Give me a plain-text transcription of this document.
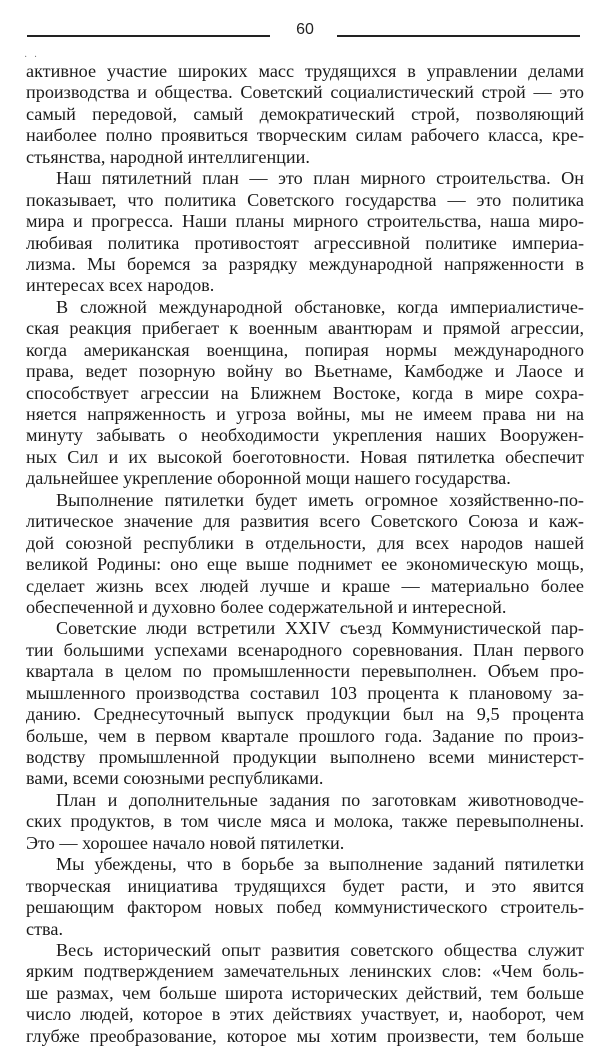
60
· ·
активное участие широких масс трудящихся в управлении делами
производства и общества. Советский социалистический строй — это
самый передовой, самый демократический строй, позволяющий
наиболее полно проявиться творческим силам рабочего класса, кре-
стьянства, народной интеллигенции.
Наш пятилетний план — это план мирного строительства. Он
показывает, что политика Советского государства — это политика
мира и прогресса. Наши планы мирного строительства, наша миро-
любивая политика противостоят агрессивной политике империа-
лизма. Мы боремся за разрядку международной напряженности в
интересах всех народов.
В сложной международной обстановке, когда империалистиче-
ская реакция прибегает к военным авантюрам и прямой агрессии,
когда американская военщина, попирая нормы международного
права, ведет позорную войну во Вьетнаме, Камбодже и Лаосе и
способствует агрессии на Ближнем Востоке, когда в мире сохра-
няется напряженность и угроза войны, мы не имеем права ни на
минуту забывать о необходимости укрепления наших Вооружен-
ных Сил и их высокой боеготовности. Новая пятилетка обеспечит
дальнейшее укрепление оборонной мощи нашего государства.
Выполнение пятилетки будет иметь огромное хозяйственно-по-
литическое значение для развития всего Советского Союза и каж-
дой союзной республики в отдельности, для всех народов нашей
великой Родины: оно еще выше поднимет ее экономическую мощь,
сделает жизнь всех людей лучше и краше — материально более
обеспеченной и духовно более содержательной и интересной.
Советские люди встретили XXIV съезд Коммунистической пар-
тии большими успехами всенародного соревнования. План первого
квартала в целом по промышленности перевыполнен. Объем про-
мышленного производства составил 103 процента к плановому за-
данию. Среднесуточный выпуск продукции был на 9,5 процента
больше, чем в первом квартале прошлого года. Задание по произ-
водству промышленной продукции выполнено всеми министерст-
вами, всеми союзными республиками.
План и дополнительные задания по заготовкам животноводче-
ских продуктов, в том числе мяса и молока, также перевыполнены.
Это — хорошее начало новой пятилетки.
Мы убеждены, что в борьбе за выполнение заданий пятилетки
творческая инициатива трудящихся будет расти, и это явится
решающим фактором новых побед коммунистического строитель-
ства.
Весь исторический опыт развития советского общества служит
ярким подтверждением замечательных ленинских слов: «Чем боль-
ше размах, чем больше широта исторических действий, тем больше
число людей, которое в этих действиях участвует, и, наоборот, чем
глубже преобразование, которое мы хотим произвести, тем больше
